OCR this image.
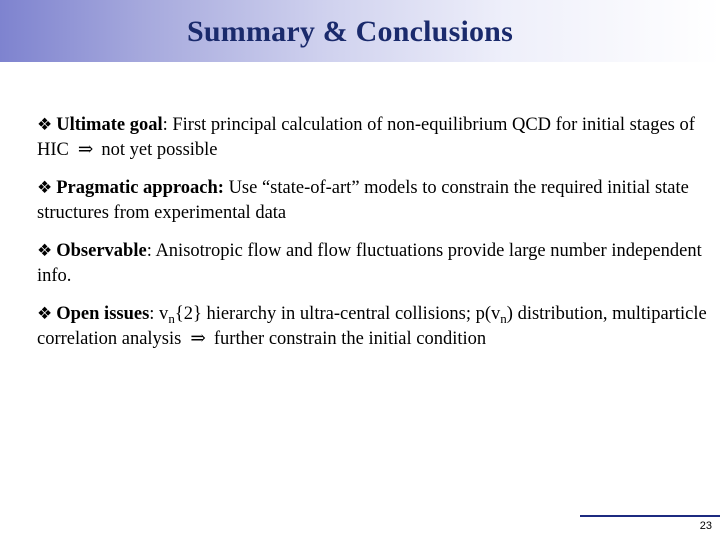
Summary & Conclusions
❖ Ultimate goal: First principal calculation of non-equilibrium QCD for initial stages of HIC ⇒ not yet possible
❖ Pragmatic approach: Use “state-of-art” models to constrain the required initial state structures from experimental data
❖ Observable: Anisotropic flow and flow fluctuations provide large number independent info.
❖ Open issues: $v_n\{2\}$ hierarchy in ultra-central collisions; $p(v_n)$ distribution, multiparticle correlation analysis ⇒ further constrain the initial condition
23
